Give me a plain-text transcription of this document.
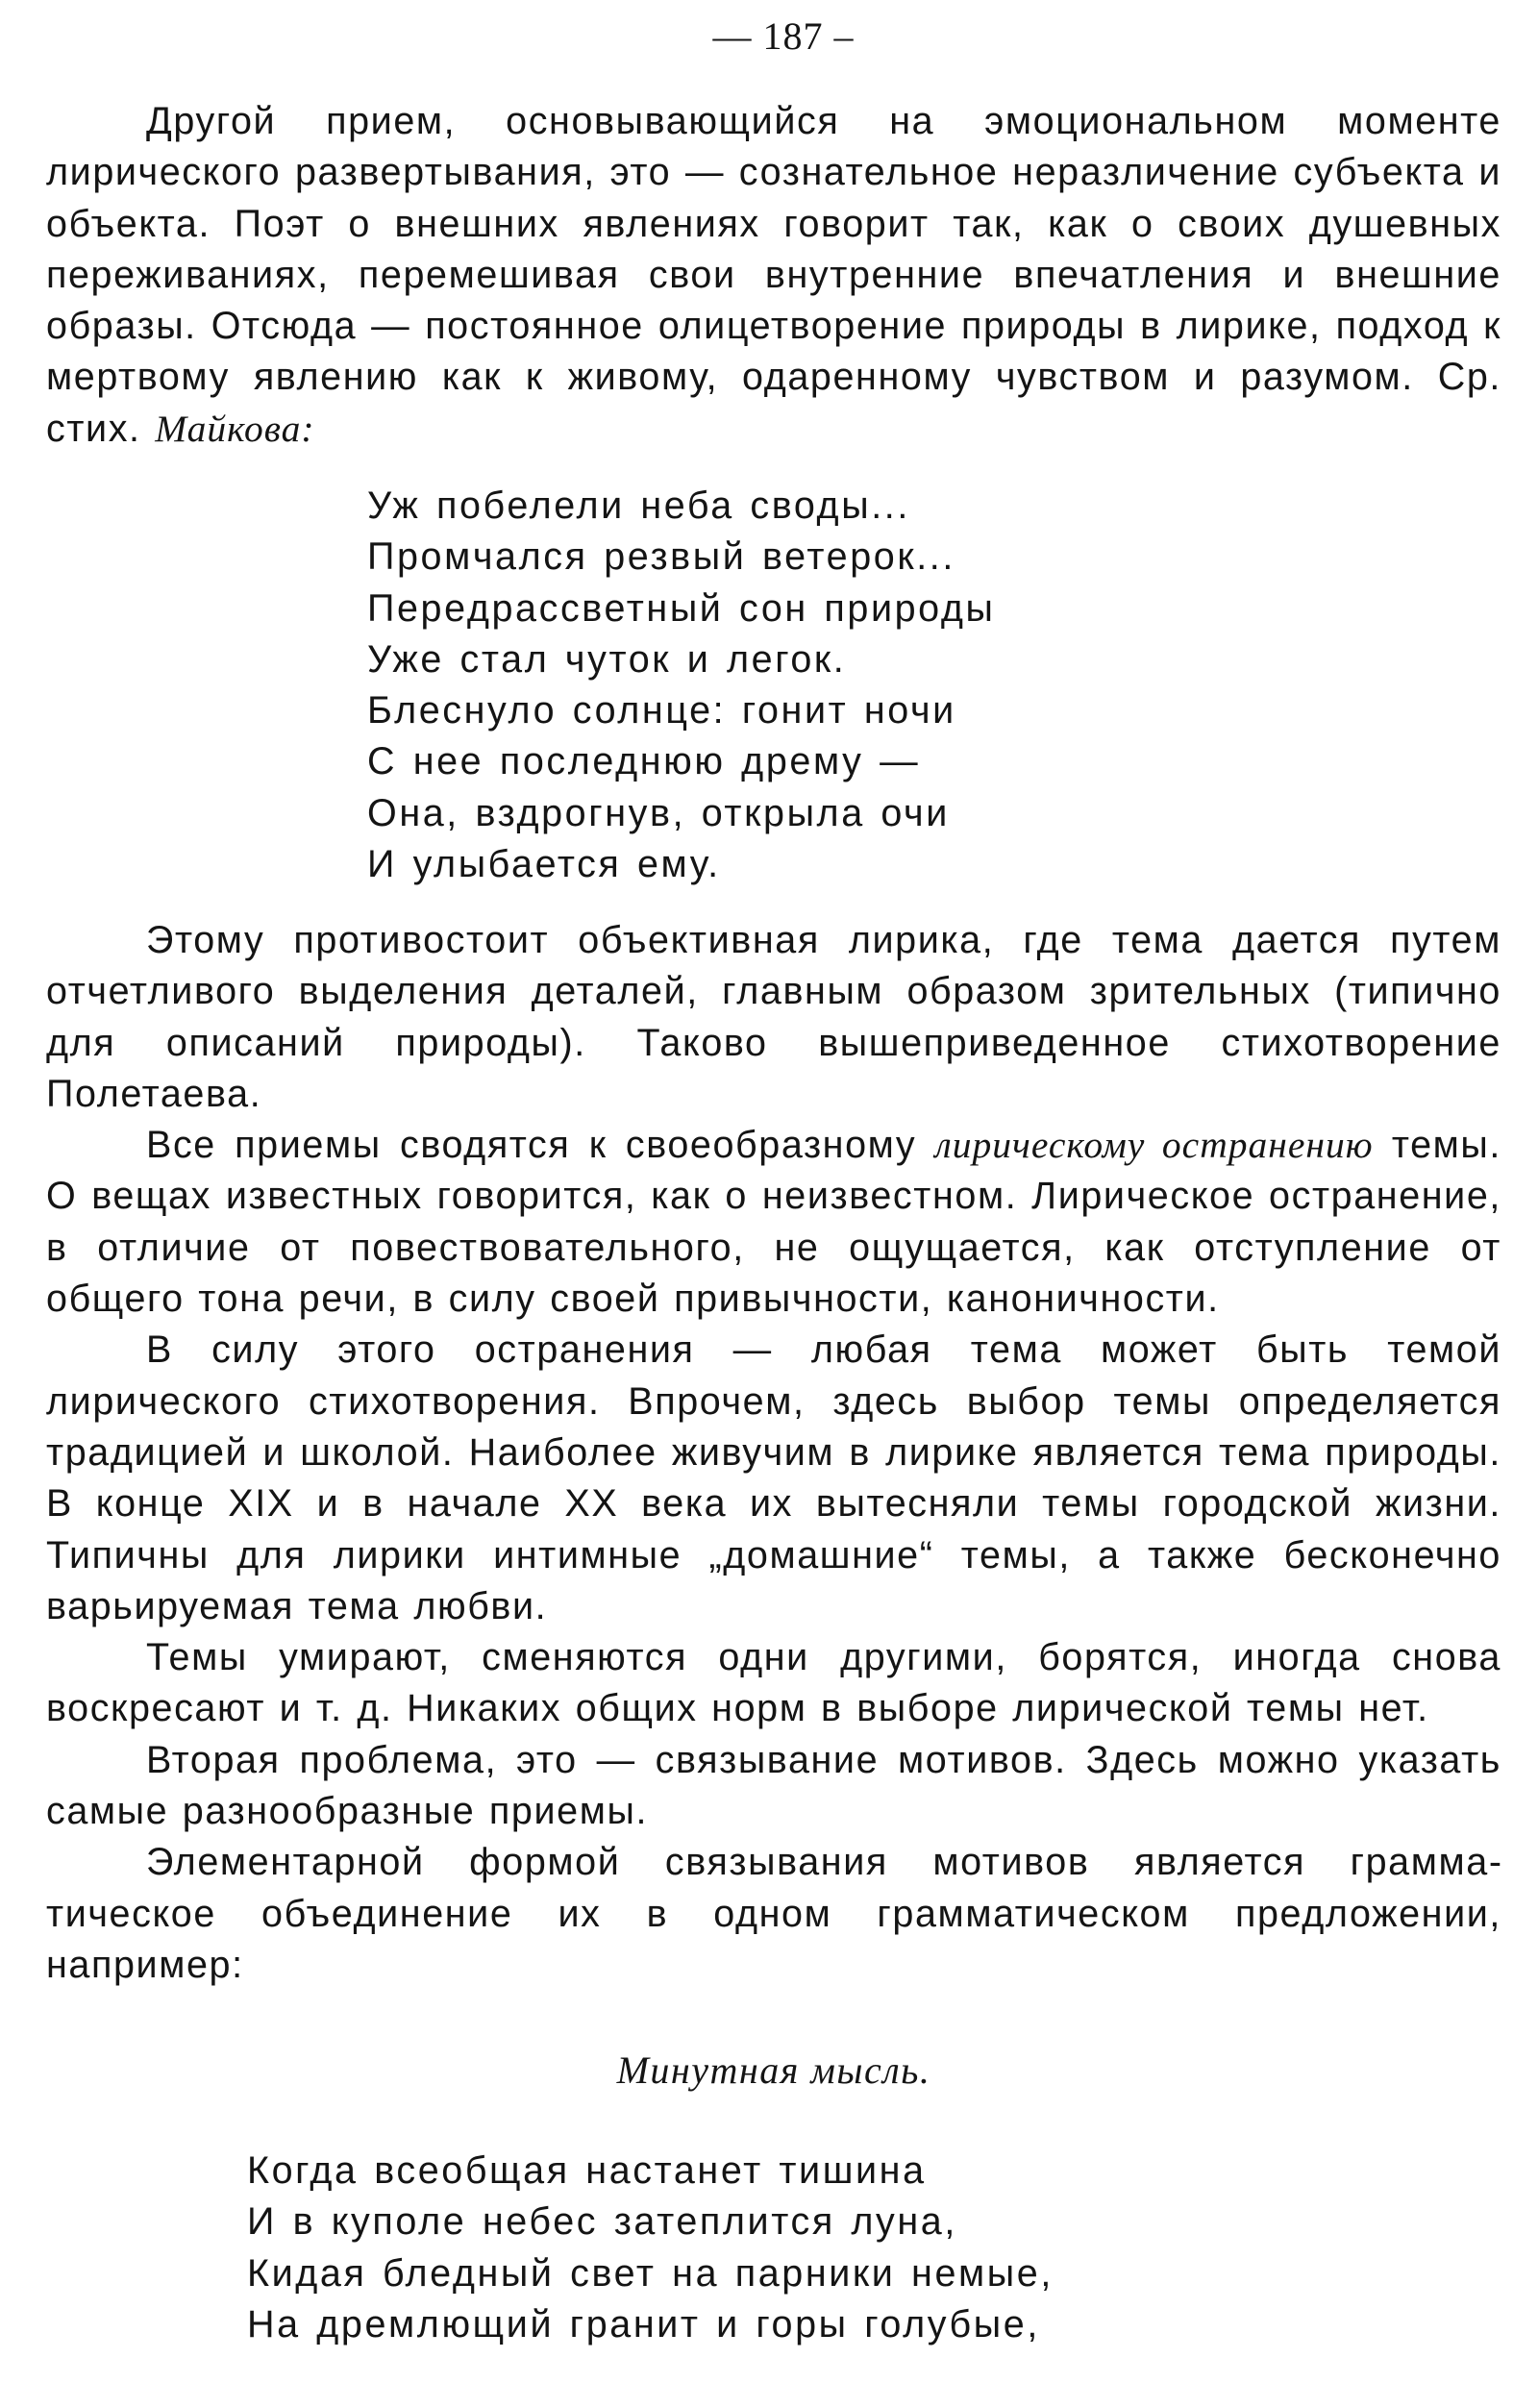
— 187 –

Другой прием, основывающийся на эмоциональном моменте лирического развертывания, это — сознательное неразличение субъекта и объекта. Поэт о внешних явлениях говорит так, как о своих душевных переживаниях, перемешивая свои внутренние впечатления и внешние образы. Отсюда — постоянное олицетворение природы в лирике, подход к мертвому явлению как к живому, одаренному чувством и разумом. Ср. стих. Майкова:

Уж побелели неба своды...
Промчался резвый ветерок...
Передрассветный сон природы
Уже стал чуток и легок.
Блеснуло солнце: гонит ночи
С нее последнюю дрему —
Она, вздрогнув, открыла очи
И улыбается ему.

Этому противостоит объективная лирика, где тема дается путем отчетливого выделения деталей, главным образом зрительных (типично для описаний природы). Таково вышеприведенное стихотворение Полетаева.

Все приемы сводятся к своеобразному лирическому остранению темы. О вещах известных говорится, как о неизвестном. Лирическое остранение, в отличие от повествовательного, не ощущается, как отступление от общего тона речи, в силу своей привычности, каноничности.

В силу этого остранения — любая тема может быть темой лирического стихотворения. Впрочем, здесь выбор темы определяется традицией и школой. Наиболее живучим в лирике является тема природы. В конце XIX и в начале XX века их вытесняли темы городской жизни. Типичны для лирики интимные „домашние“ темы, а также бесконечно варьируемая тема любви.

Темы умирают, сменяются одни другими, борятся, иногда снова воскресают и т. д. Никаких общих норм в выборе лирической темы нет.

Вторая проблема, это — связывание мотивов. Здесь можно указать самые разнообразные приемы.

Элементарной формой связывания мотивов является грамматическое объединение их в одном грамматическом предложении, например:

Минутная мысль.
Когда всеобщая настанет тишина
И в куполе небес затеплится луна,
Кидая бледный свет на парники немые,
На дремлющий гранит и горы голубые,
